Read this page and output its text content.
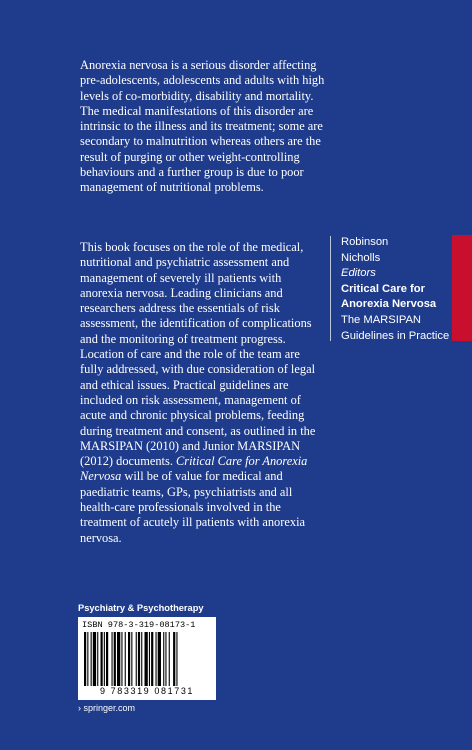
Anorexia nervosa is a serious disorder affecting pre-adolescents, adolescents and adults with high levels of co-morbidity, disability and mortality. The medical manifestations of this disorder are intrinsic to the illness and its treatment; some are secondary to malnutrition whereas others are the result of purging or other weight-controlling behaviours and a further group is due to poor management of nutritional problems.

This book focuses on the role of the medical, nutritional and psychiatric assessment and management of severely ill patients with anorexia nervosa. Leading clinicians and researchers address the essentials of risk assessment, the identification of complications and the monitoring of treatment progress. Location of care and the role of the team are fully addressed, with due consideration of legal and ethical issues. Practical guidelines are included on risk assessment, management of acute and chronic physical problems, feeding during treatment and consent, as outlined in the MARSIPAN (2010) and Junior MARSIPAN (2012) documents. Critical Care for Anorexia Nervosa will be of value for medical and paediatric teams, GPs, psychiatrists and all health-care professionals involved in the treatment of acutely ill patients with anorexia nervosa.

Robinson
Nicholls
Editors
Critical Care for
Anorexia Nervosa
The MARSIPAN
Guidelines in Practice
Psychiatry & Psychotherapy
ISBN 978-3-319-08173-1
9 783319 081731
› springer.com
